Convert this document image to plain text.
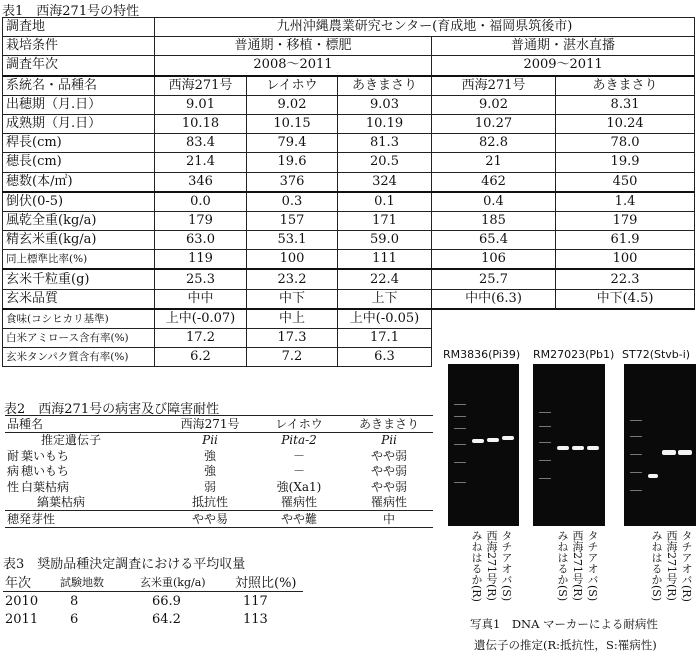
表1　西海271号の特性
調査地	九州沖縄農業研究センター(育成地・福岡県筑後市)				
栽培条件	普通期・移植・標肥			普通期・湛水直播	
調査年次	2008～2011			2009～2011	
系統名・品種名	西海271号	レイホウ	あきまさり	西海271号	あきまさり
出穂期（月.日）	9.01	9.02	9.03	9.02	8.31
成熟期（月.日）	10.18	10.15	10.19	10.27	10.24
稈長(cm)	83.4	79.4	81.3	82.8	78.0
穂長(cm)	21.4	19.6	20.5	21	19.9
穂数(本/㎡)	346	376	324	462	450
倒伏(0-5)	0.0	0.3	0.1	0.4	1.4
風乾全重(kg/a)	179	157	171	185	179
精玄米重(kg/a)	63.0	53.1	59.0	65.4	61.9
同上標準比率(%)	119	100	111	106	100
玄米千粒重(g)	25.3	23.2	22.4	25.7	22.3
玄米品質	中中	中下	上下	中中(6.3)	中下(4.5)
食味(コシヒカリ基準)	上中(-0.07)	中上	上中(-0.05)		
白米アミロース含有率(%)	17.2	17.3	17.1		
玄米タンパク質含有率(%)	6.2	7.2	6.3		
表2　西海271号の病害及び障害耐性
品種名		西海271号	レイホウ	あきまさり
	推定遺伝子	Pii	Pita-2	Pii
耐	葉いもち	強	－	やや弱
病	穂いもち	強	－	やや弱
性	白葉枯病	弱	強(Xa1)	やや弱
	縞葉枯病	抵抗性	罹病性	罹病性
穂発芽性		やや易	やや難	中
表3　奨励品種決定調査における平均収量
年次	試験地数	玄米重(kg/a)	対照比(%)
2010	8	66.9	117
2011	6	64.2	113
RM3836(Pi39) RM27023(Pb1) ST72(Stvb-i)
みねはるか(R) 西海271号(R) タチアオバ(S)	みねはるか(S) 西海271号(R) タチアオバ(S)	みねはるか(S) 西海271号(R) タチアオバ(R)
写真1　DNA マーカーによる耐病性
遺伝子の推定(R:抵抗性，S:罹病性)
